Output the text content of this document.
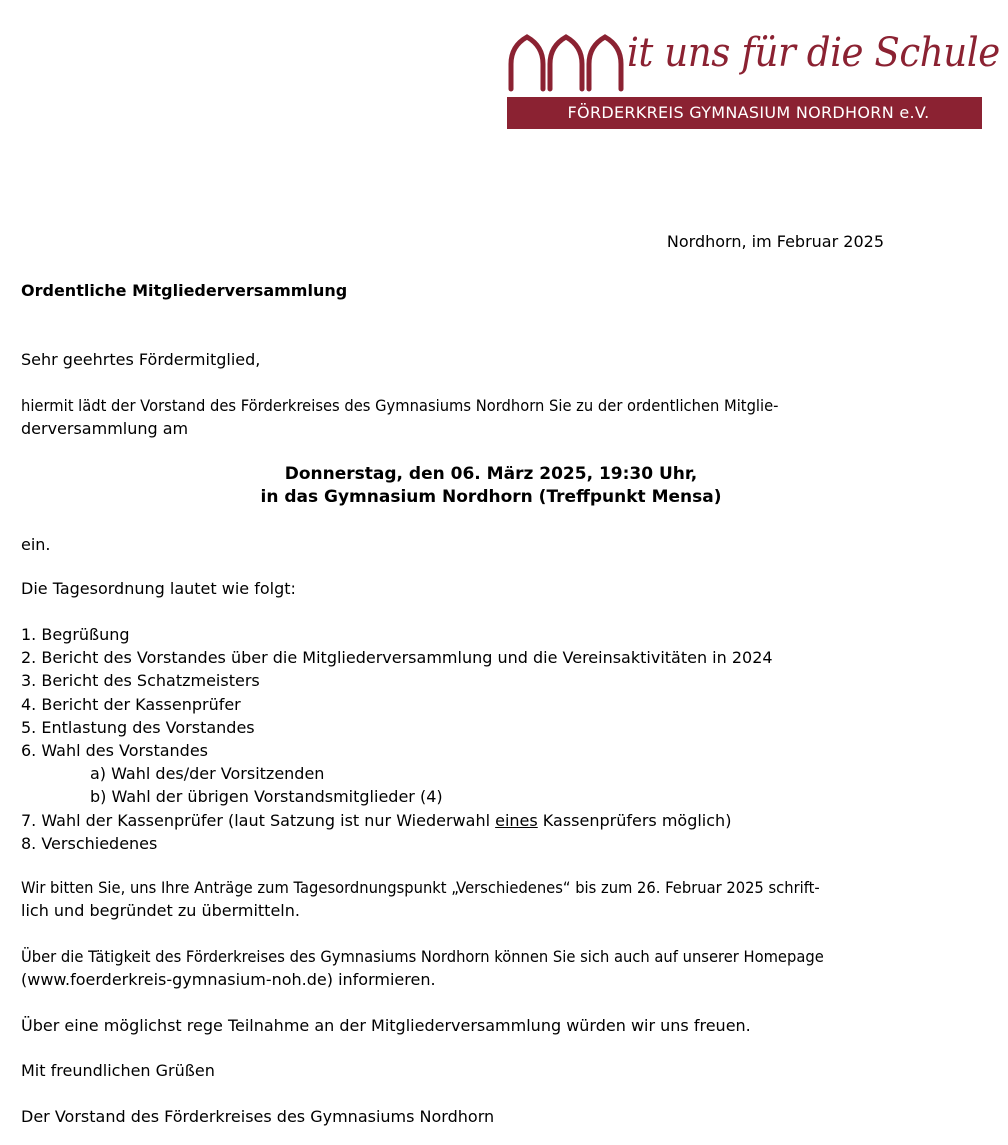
it uns für die Schule
FÖRDERKREIS GYMNASIUM NORDHORN e.V.
Nordhorn, im Februar 2025
Ordentliche Mitgliederversammlung
Sehr geehrtes Fördermitglied,
hiermit lädt der Vorstand des Förderkreises des Gymnasiums Nordhorn Sie zu der ordentlichen Mitglie-
derversammlung am
Donnerstag, den 06. März 2025, 19:30 Uhr,
in das Gymnasium Nordhorn (Treffpunkt Mensa)
ein.
Die Tagesordnung lautet wie folgt:
1. Begrüßung
2. Bericht des Vorstandes über die Mitgliederversammlung und die Vereinsaktivitäten in 2024
3. Bericht des Schatzmeisters
4. Bericht der Kassenprüfer
5. Entlastung des Vorstandes
6. Wahl des Vorstandes
a) Wahl des/der Vorsitzenden
b) Wahl der übrigen Vorstandsmitglieder (4)
7. Wahl der Kassenprüfer (laut Satzung ist nur Wiederwahl eines Kassenprüfers möglich)
8. Verschiedenes
Wir bitten Sie, uns Ihre Anträge zum Tagesordnungspunkt „Verschiedenes“ bis zum 26. Februar 2025 schrift-
lich und begründet zu übermitteln.
Über die Tätigkeit des Förderkreises des Gymnasiums Nordhorn können Sie sich auch auf unserer Homepage
(www.foerderkreis-gymnasium-noh.de) informieren.
Über eine möglichst rege Teilnahme an der Mitgliederversammlung würden wir uns freuen.
Mit freundlichen Grüßen
Der Vorstand des Förderkreises des Gymnasiums Nordhorn
